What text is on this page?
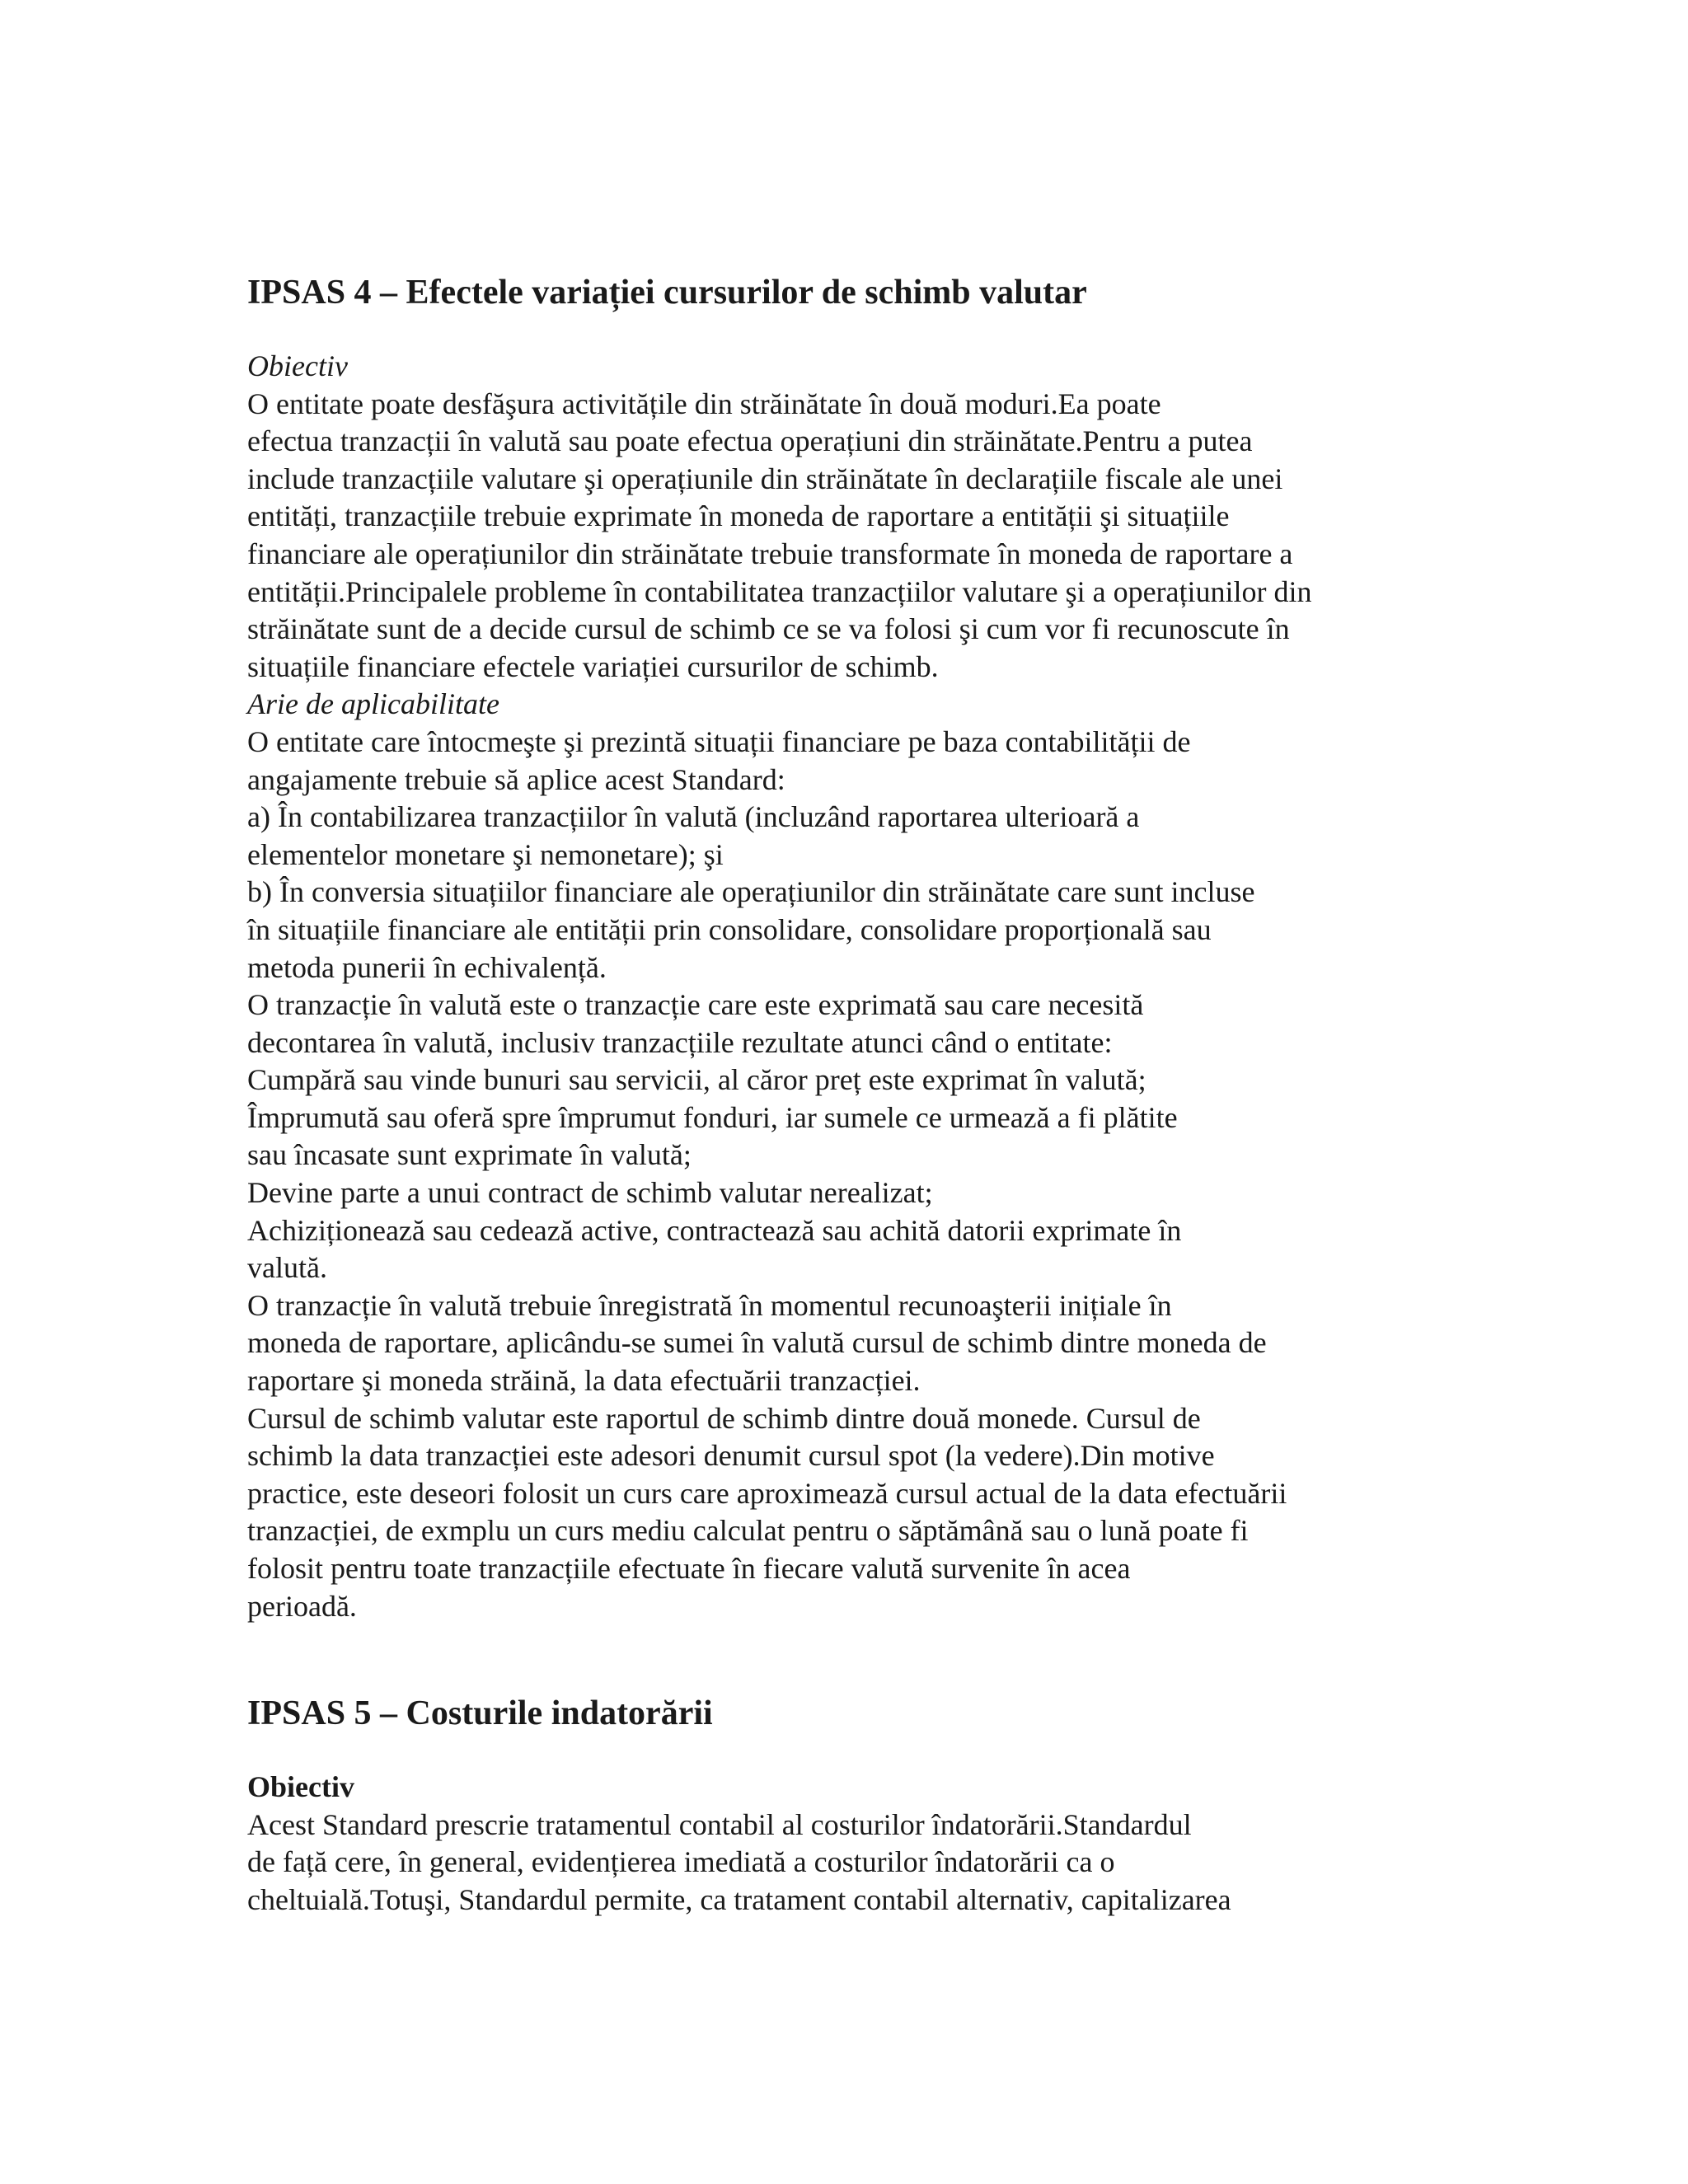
IPSAS 4 – Efectele variației cursurilor de schimb valutar

Obiectiv

O entitate poate desfăşura activitățile din străinătate în două moduri.Ea poate

efectua tranzacții în valută sau poate efectua operațiuni din străinătate.Pentru a putea

include tranzacțiile valutare şi operațiunile din străinătate în declarațiile fiscale ale unei

entități, tranzacțiile trebuie exprimate în moneda de raportare a entității şi situațiile

financiare ale operațiunilor din străinătate trebuie transformate în moneda de raportare a

entității.Principalele probleme în contabilitatea tranzacțiilor valutare şi a operațiunilor din

străinătate sunt de a decide cursul de schimb ce se va folosi şi cum vor fi recunoscute în

situațiile financiare efectele variației cursurilor de schimb.

Arie de aplicabilitate

O entitate care întocmeşte şi prezintă situații financiare pe baza contabilității de

angajamente trebuie să aplice acest Standard:

a) În contabilizarea tranzacțiilor în valută (incluzând raportarea ulterioară a

elementelor monetare şi nemonetare); şi

b) În conversia situațiilor financiare ale operațiunilor din străinătate care sunt incluse

în situațiile financiare ale entității prin consolidare, consolidare proporțională sau

metoda punerii în echivalență.

O tranzacție în valută este o tranzacție care este exprimată sau care necesită

decontarea în valută, inclusiv tranzacțiile rezultate atunci când o entitate:

Cumpără sau vinde bunuri sau servicii, al căror preț este exprimat în valută;

Împrumută sau oferă spre împrumut fonduri, iar sumele ce urmează a fi plătite

sau încasate sunt exprimate în valută;

Devine parte a unui contract de schimb valutar nerealizat;

Achiziționează sau cedează active, contractează sau achită datorii exprimate în

valută.

O tranzacție în valută trebuie înregistrată în momentul recunoaşterii inițiale în

moneda de raportare, aplicându-se sumei în valută cursul de schimb dintre moneda de

raportare şi moneda străină, la data efectuării tranzacției.

Cursul de schimb valutar este raportul de schimb dintre două monede. Cursul de

schimb la data tranzacției este adesori denumit cursul spot (la vedere).Din motive

practice, este deseori folosit un curs care aproximează cursul actual de la data efectuării

tranzacției, de exmplu un curs mediu calculat pentru o săptămână sau o lună poate fi

folosit pentru toate tranzacțiile efectuate în fiecare valută survenite în acea

perioadă.

IPSAS 5 – Costurile indatorării

Obiectiv

Acest Standard prescrie tratamentul contabil al costurilor îndatorării.Standardul

de față cere, în general, evidențierea imediată a costurilor îndatorării ca o

cheltuială.Totuşi, Standardul permite, ca tratament contabil alternativ, capitalizarea
